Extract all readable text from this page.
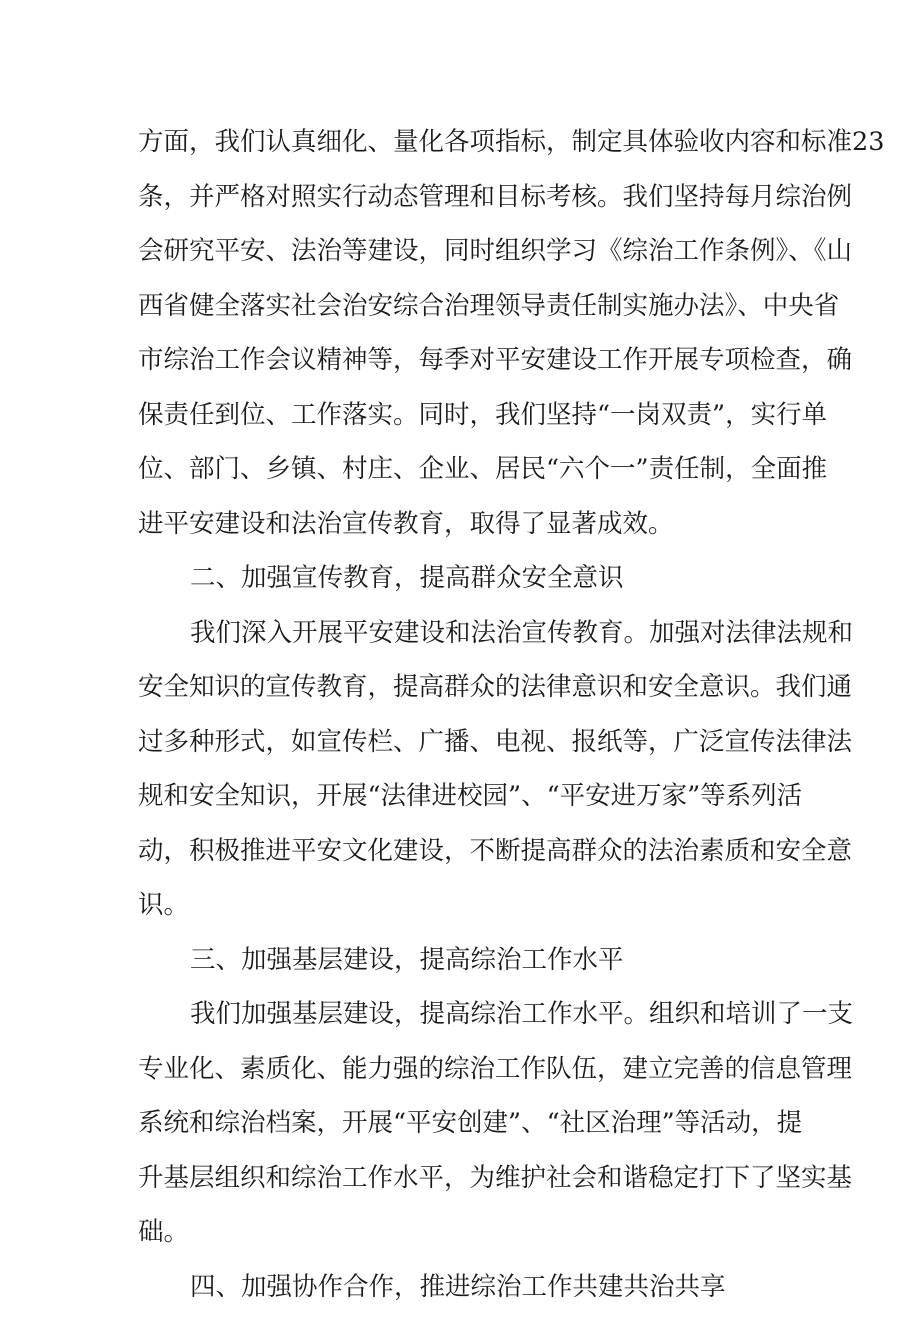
方面，我们认真细化、量化各项指标，制定具体验收内容和标准23
条，并严格对照实行动态管理和目标考核。我们坚持每月综治例
会研究平安、法治等建设，同时组织学习《综治工作条例》、《山
西省健全落实社会治安综合治理领导责任制实施办法》、中央省
市综治工作会议精神等，每季对平安建设工作开展专项检查，确
保责任到位、工作落实。同时，我们坚持“一岗双责”，实行单
位、部门、乡镇、村庄、企业、居民“六个一”责任制，全面推
进平安建设和法治宣传教育，取得了显著成效。
二、加强宣传教育，提高群众安全意识
我们深入开展平安建设和法治宣传教育。加强对法律法规和
安全知识的宣传教育，提高群众的法律意识和安全意识。我们通
过多种形式，如宣传栏、广播、电视、报纸等，广泛宣传法律法
规和安全知识，开展“法律进校园”、“平安进万家”等系列活
动，积极推进平安文化建设，不断提高群众的法治素质和安全意
识。
三、加强基层建设，提高综治工作水平
我们加强基层建设，提高综治工作水平。组织和培训了一支
专业化、素质化、能力强的综治工作队伍，建立完善的信息管理
系统和综治档案，开展“平安创建”、“社区治理”等活动，提
升基层组织和综治工作水平，为维护社会和谐稳定打下了坚实基
础。
四、加强协作合作，推进综治工作共建共治共享
